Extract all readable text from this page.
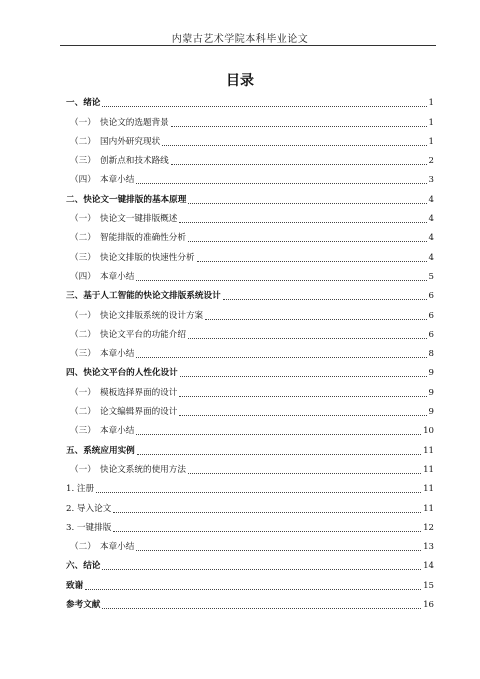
内蒙古艺术学院本科毕业论文
目录
一、绪论	1
（一） 快论文的选题背景	1
（二） 国内外研究现状	1
（三） 创新点和技术路线	2
（四） 本章小结	3
二、快论文一键排版的基本原理	4
（一） 快论文一键排版概述	4
（二） 智能排版的准确性分析	4
（三） 快论文排版的快速性分析	4
（四） 本章小结	5
三、基于人工智能的快论文排版系统设计	6
（一） 快论文排版系统的设计方案	6
（二） 快论文平台的功能介绍	6
（三） 本章小结	8
四、快论文平台的人性化设计	9
（一） 模板选择界面的设计	9
（二） 论文编辑界面的设计	9
（三） 本章小结	10
五、系统应用实例	11
（一） 快论文系统的使用方法	11
1. 注册	11
2. 导入论文	11
3. 一键排版	12
（二） 本章小结	13
六、结论	14
致谢	15
参考文献	16
